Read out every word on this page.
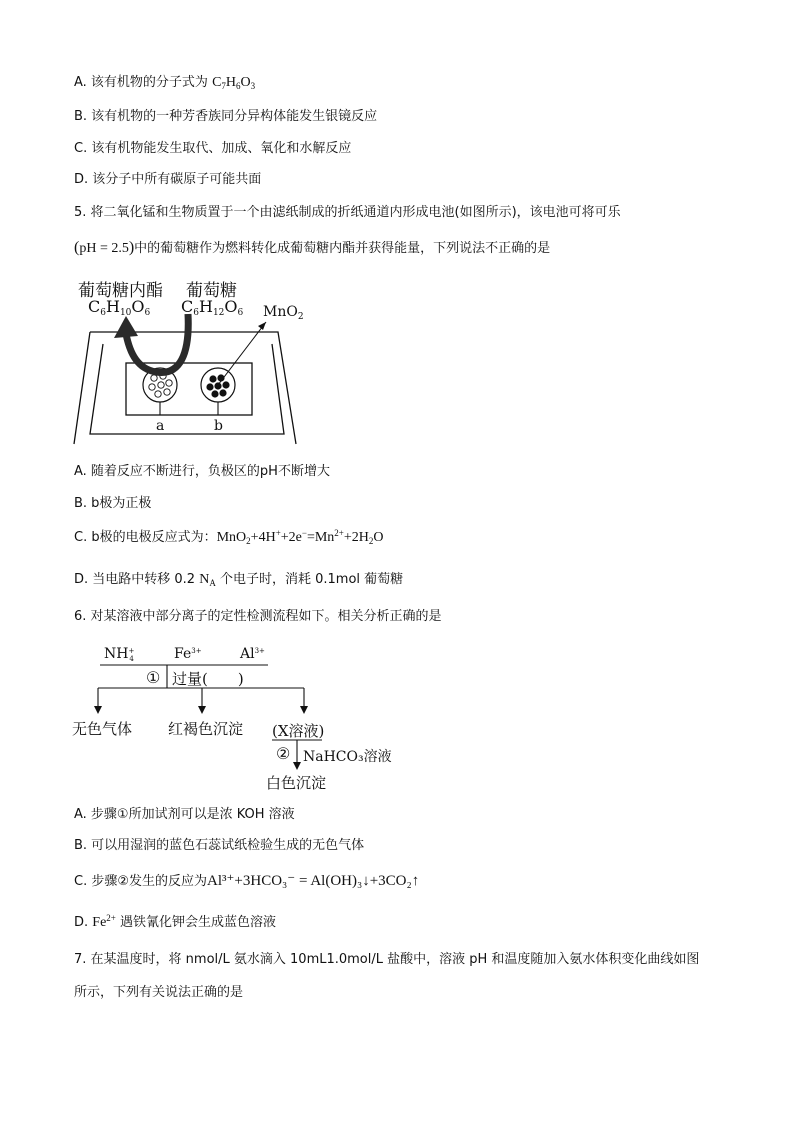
A. 该有机物的分子式为 $C_7H_6O_3$
B. 该有机物的一种芳香族同分异构体能发生银镜反应
C. 该有机物能发生取代、加成、氧化和水解反应
D. 该分子中所有碳原子可能共面
5. 将二氧化锰和生物质置于一个由滤纸制成的折纸通道内形成电池(如图所示)，该电池可将可乐
(pH = 2.5)中的葡萄糖作为燃料转化成葡萄糖内酯并获得能量，下列说法不正确的是
葡萄糖内酯 葡萄糖
$C_6H_{10}O_6$ $C_6H_{12}O_6$ MnO$_2$
a	b
A. 随着反应不断进行，负极区的pH不断增大
B. b极为正极
C. b极的电极反应式为：$MnO_2+4H^++2e^-=Mn^{2+}+2H_2O$
D. 当电路中转移 0.2 $N_A$ 个电子时，消耗 0.1mol 葡萄糖
6. 对某溶液中部分离子的定性检测流程如下。相关分析正确的是
$NH^+_4$	$Fe^{3+}$	$Al^{3+}$
① 过量(　　)
无色气体 红褐色沉淀 (X溶液)
② NaHCO₃溶液
白色沉淀
A. 步骤①所加试剂可以是浓 KOH 溶液
B. 可以用湿润的蓝色石蕊试纸检验生成的无色气体
C. 步骤②发生的反应为Al³⁺+3HCO₃⁻ = Al(OH)₃↓+3CO₂↑
D. $Fe^{2+}$ 遇铁氰化钾会生成蓝色溶液
7. 在某温度时，将 nmol/L 氨水滴入 10mL1.0mol/L 盐酸中，溶液 pH 和温度随加入氨水体积变化曲线如图
所示，下列有关说法正确的是
